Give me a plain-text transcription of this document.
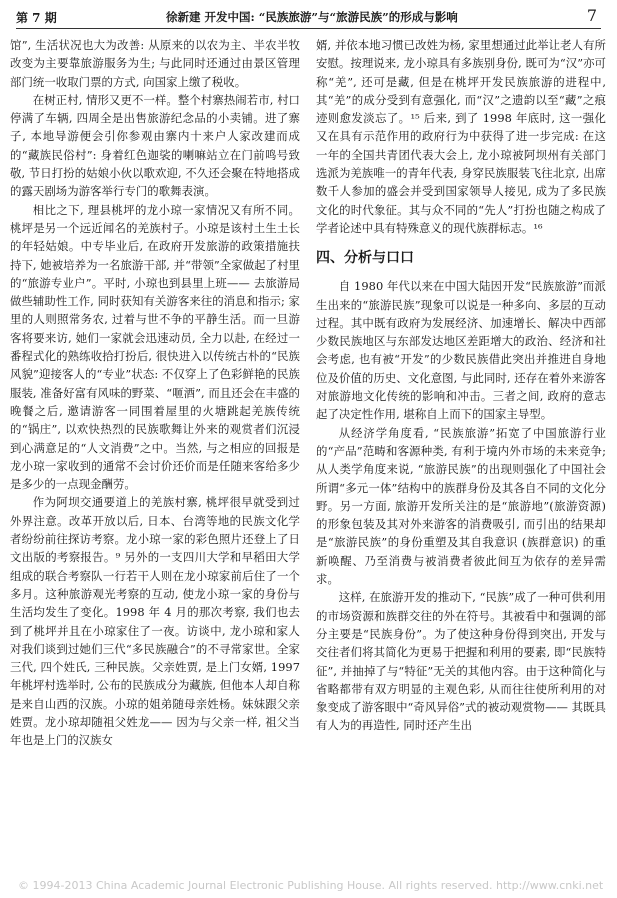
第 7 期	徐新建 开发中国: “民族旅游”与“旅游民族”的形成与影响	7

馆”, 生活状况也大为改善: 从原来的以农为主、半农半牧改变为主要靠旅游服务为生; 与此同时还通过由景区管理部门统一收取门票的方式, 向国家上缴了税收。

在树正村, 情形又更不一样。整个村寨热闹若市, 村口停满了车辆, 四周全是出售旅游纪念品的小卖铺。进了寨子, 本地导游便会引你参观由寨内十来户人家改建而成的“藏族民俗村”: 身着红色迦裟的喇嘛站立在门前鸣号致敬, 节日打扮的姑娘小伙以歌欢迎, 不久还会聚在特地搭成的露天剧场为游客举行专门的歌舞表演。

相比之下, 理县桃坪的龙小琼一家情况又有所不同。桃坪是另一个远近闻名的羌族村子。小琼是该村土生土长的年轻姑娘。中专毕业后, 在政府开发旅游的政策措施扶持下, 她被培养为一名旅游干部, 并“带领”全家做起了村里的“旅游专业户”。平时, 小琼也到县里上班—— 去旅游局做些辅助性工作, 同时获知有关游客来往的消息和指示; 家里的人则照常务农, 过着与世不争的平静生活。而一旦游客将要来访, 她们一家就会迅速动员, 全力以赴, 在经过一番程式化的熟练收拾打扮后, 很快进入以传统古朴的“民族风貌”迎接客人的“专业”状态: 不仅穿上了色彩鲜艳的民族服装, 准备好富有风味的野菜、“咂酒”, 而且还会在丰盛的晚餐之后, 邀请游客一同围着屋里的火塘跳起羌族传统的“锅庄”, 以欢快热烈的民族歌舞让外来的观赏者们沉浸到心满意足的“人文消费”之中。当然, 与之相应的回报是龙小琼一家收到的通常不会讨价还价而是任随来客给多少是多少的一点现金酬劳。

作为阿坝交通要道上的羌族村寨, 桃坪很早就受到过外界注意。改革开放以后, 日本、台湾等地的民族文化学者纷纷前往探访考察。龙小琼一家的彩色照片还登上了日文出版的考察报告。⁹ 另外的一支四川大学和早稻田大学组成的联合考察队一行若干人则在龙小琼家前后住了一个多月。这种旅游观光考察的互动, 使龙小琼一家的身份与生活均发生了变化。1998 年 4 月的那次考察, 我们也去到了桃坪并且在小琼家住了一夜。访谈中, 龙小琼和家人对我们谈到过她们三代“多民族融合”的不寻常家世。全家三代, 四个姓氏, 三种民族。父亲姓贾, 是上门女婿, 1997 年桃坪村选举时, 公布的民族成分为藏族, 但他本人却自称是来自山西的汉族。小琼的姐弟随母亲姓杨。妹妹跟父亲姓贾。龙小琼却随祖父姓龙—— 因为与父亲一样, 祖父当年也是上门的汉族女

婿, 并依本地习惯已改姓为杨, 家里想通过此举让老人有所安慰。按理说来, 龙小琼具有多族别身份, 既可为“汉”亦可称“羌”, 还可是藏, 但是在桃坪开发民族旅游的进程中, 其“羌”的成分受到有意强化, 而“汉”之遗韵以至“藏”之痕迹则愈发淡忘了。¹⁵ 后来, 到了 1998 年底时, 这一强化又在具有示范作用的政府行为中获得了进一步完成: 在这一年的全国共青团代表大会上, 龙小琼被阿坝州有关部门选派为羌族唯一的青年代表, 身穿民族服装飞往北京, 出席数千人参加的盛会并受到国家领导人接见, 成为了多民族文化的时代象征。其与众不同的“先人”打扮也随之构成了学者论述中具有特殊意义的现代族群标志。¹⁶

四、分析与口口

自 1980 年代以来在中国大陆因开发“民族旅游”而派生出来的“旅游民族”现象可以说是一种多向、多层的互动过程。其中既有政府为发展经济、加速增长、解决中西部少数民族地区与东部发达地区差距增大的政治、经济和社会考虑, 也有被“开发”的少数民族借此突出并推进自身地位及价值的历史、文化意图, 与此同时, 还存在着外来游客对旅游地文化传统的影响和冲击。三者之间, 政府的意志起了决定性作用, 堪称自上而下的国家主导型。

从经济学角度看, “民族旅游”拓宽了中国旅游行业的“产品”范畴和客源种类, 有利于境内外市场的未来竞争; 从人类学角度来说, “旅游民族”的出现则强化了中国社会所谓“多元一体”结构中的族群身份及其各自不同的文化分野。另一方面, 旅游开发所关注的是“旅游地”(旅游资源) 的形象包装及其对外来游客的消费吸引, 而引出的结果却是“旅游民族”的身份重塑及其自我意识 (族群意识) 的重新唤醒、乃至消费与被消费者彼此间互为依存的差异需求。

这样, 在旅游开发的推动下, “民族”成了一种可供利用的市场资源和族群交往的外在符号。其被看中和强调的部分主要是“民族身份”。为了使这种身份得到突出, 开发与交往者们将其简化为更易于把握和利用的要素, 即“民族特征”, 并抽掉了与“特征”无关的其他内容。由于这种简化与省略都带有双方明显的主观色彩, 从而往往使所利用的对象变成了游客眼中“奇风异俗”式的被动观赏物—— 其既具有人为的再造性, 同时还产生出

© 1994-2013 China Academic Journal Electronic Publishing House. All rights reserved. http://www.cnki.net
